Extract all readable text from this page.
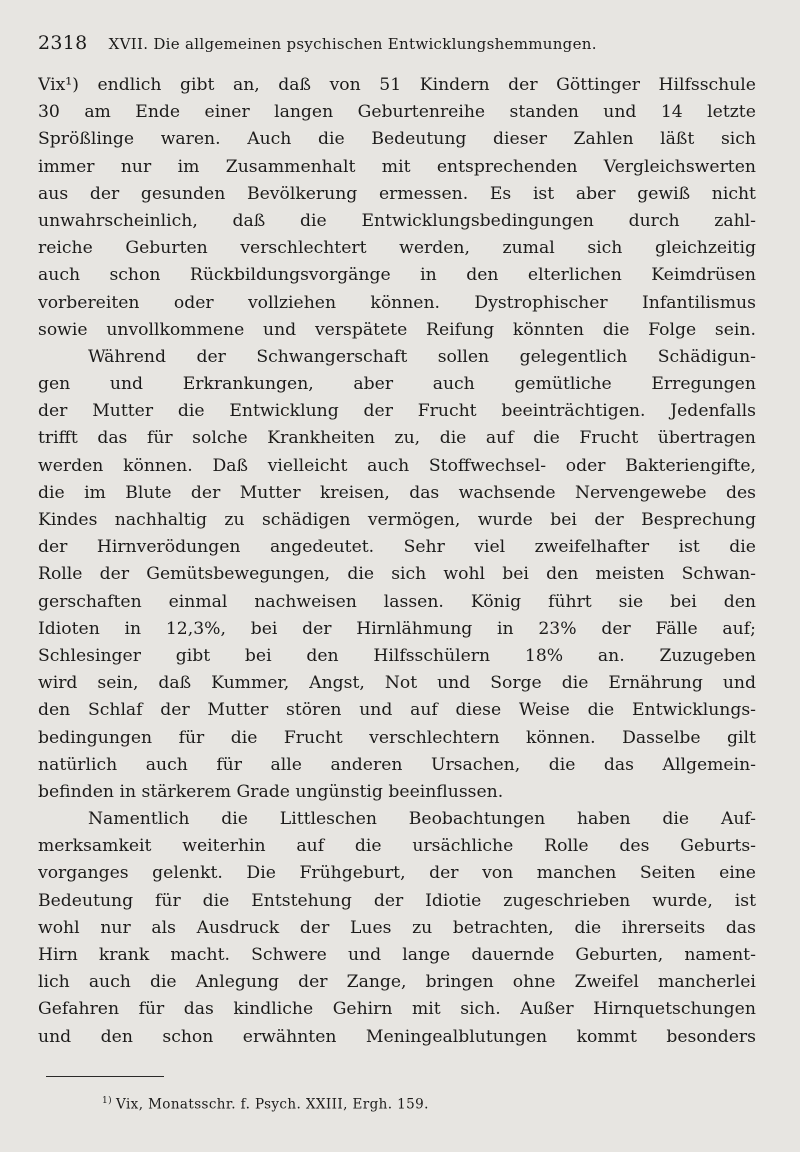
2318 XVII. Die allgemeinen psychischen Entwicklungshemmungen.
Vix¹) endlich gibt an, daß von 51 Kindern der Göttinger Hilfsschule
30 am Ende einer langen Geburtenreihe standen und 14 letzte
Sprößlinge waren. Auch die Bedeutung dieser Zahlen läßt sich
immer nur im Zusammenhalt mit entsprechenden Vergleichswerten
aus der gesunden Bevölkerung ermessen. Es ist aber gewiß nicht
unwahrscheinlich, daß die Entwicklungsbedingungen durch zahl-
reiche Geburten verschlechtert werden, zumal sich gleichzeitig
auch schon Rückbildungsvorgänge in den elterlichen Keimdrüsen
vorbereiten oder vollziehen können. Dystrophischer Infantilismus
sowie unvollkommene und verspätete Reifung könnten die Folge sein.
Während der Schwangerschaft sollen gelegentlich Schädigun-
gen und Erkrankungen, aber auch gemütliche Erregungen
der Mutter die Entwicklung der Frucht beeinträchtigen. Jedenfalls
trifft das für solche Krankheiten zu, die auf die Frucht übertragen
werden können. Daß vielleicht auch Stoffwechsel- oder Bakteriengifte,
die im Blute der Mutter kreisen, das wachsende Nervengewebe des
Kindes nachhaltig zu schädigen vermögen, wurde bei der Besprechung
der Hirnverödungen angedeutet. Sehr viel zweifelhafter ist die
Rolle der Gemütsbewegungen, die sich wohl bei den meisten Schwan-
gerschaften einmal nachweisen lassen. König führt sie bei den
Idioten in 12,3%, bei der Hirnlähmung in 23% der Fälle auf;
Schlesinger gibt bei den Hilfsschülern 18% an. Zuzugeben
wird sein, daß Kummer, Angst, Not und Sorge die Ernährung und
den Schlaf der Mutter stören und auf diese Weise die Entwicklungs-
bedingungen für die Frucht verschlechtern können. Dasselbe gilt
natürlich auch für alle anderen Ursachen, die das Allgemein-
befinden in stärkerem Grade ungünstig beeinflussen.
Namentlich die Littleschen Beobachtungen haben die Auf-
merksamkeit weiterhin auf die ursächliche Rolle des Geburts-
vorganges gelenkt. Die Frühgeburt, der von manchen Seiten eine
Bedeutung für die Entstehung der Idiotie zugeschrieben wurde, ist
wohl nur als Ausdruck der Lues zu betrachten, die ihrerseits das
Hirn krank macht. Schwere und lange dauernde Geburten, nament-
lich auch die Anlegung der Zange, bringen ohne Zweifel mancherlei
Gefahren für das kindliche Gehirn mit sich. Außer Hirnquetschungen
und den schon erwähnten Meningealblutungen kommt besonders
$^{1)}$ Vix, Monatsschr. f. Psych. XXIII, Ergh. 159.
